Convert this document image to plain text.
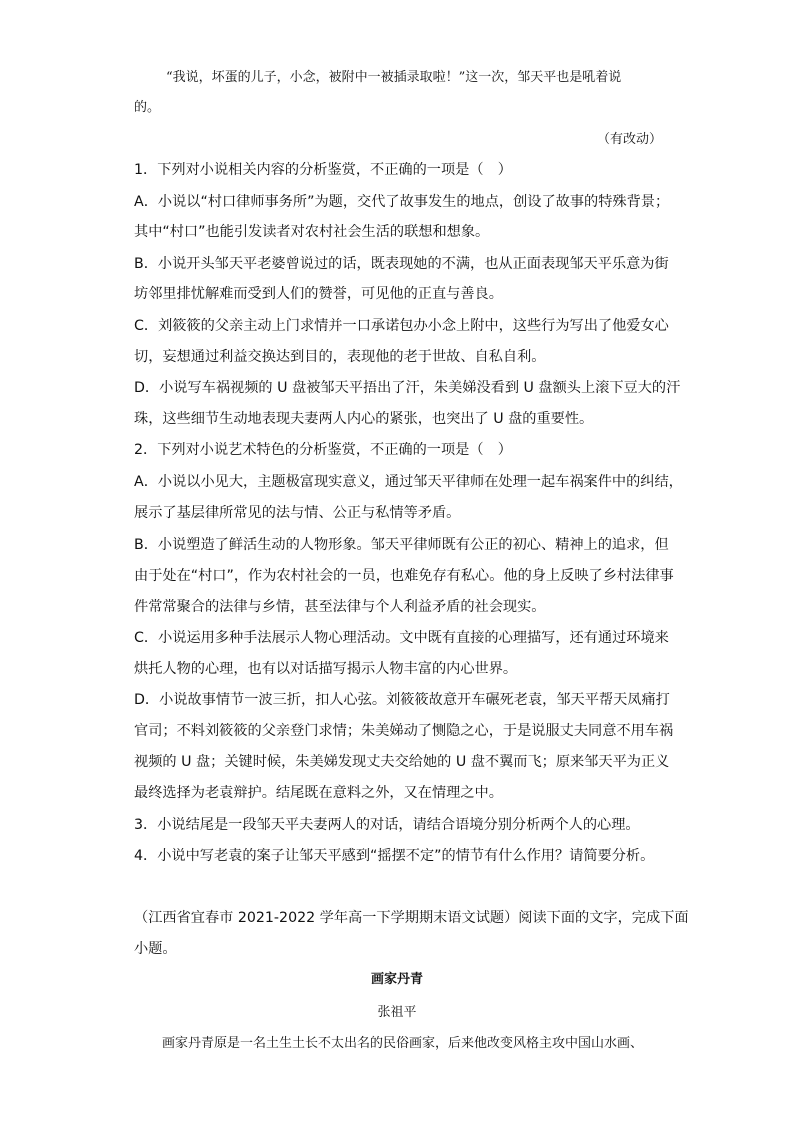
“我说，坏蛋的儿子，小念，被附中一被插录取啦！”这一次，邹天平也是吼着说
的。
（有改动）
1．下列对小说相关内容的分析鉴赏，不正确的一项是（　）
A．小说以“村口律师事务所”为题，交代了故事发生的地点，创设了故事的特殊背景；
其中“村口”也能引发读者对农村社会生活的联想和想象。
B．小说开头邹天平老婆曾说过的话，既表现她的不满，也从正面表现邹天平乐意为街
坊邻里排忧解难而受到人们的赞誉，可见他的正直与善良。
C．刘筱筱的父亲主动上门求情并一口承诺包办小念上附中，这些行为写出了他爱女心
切，妄想通过利益交换达到目的，表现他的老于世故、自私自利。
D．小说写车祸视频的 U 盘被邹天平捂出了汗，朱美娣没看到 U 盘额头上滚下豆大的汗
珠，这些细节生动地表现夫妻两人内心的紧张，也突出了 U 盘的重要性。
2．下列对小说艺术特色的分析鉴赏，不正确的一项是（　）
A．小说以小见大，主题极富现实意义，通过邹天平律师在处理一起车祸案件中的纠结，
展示了基层律所常见的法与情、公正与私情等矛盾。
B．小说塑造了鲜活生动的人物形象。邹天平律师既有公正的初心、精神上的追求，但
由于处在“村口”，作为农村社会的一员，也难免存有私心。他的身上反映了乡村法律事
件常常聚合的法律与乡情，甚至法律与个人利益矛盾的社会现实。
C．小说运用多种手法展示人物心理活动。文中既有直接的心理描写，还有通过环境来
烘托人物的心理，也有以对话描写揭示人物丰富的内心世界。
D．小说故事情节一波三折，扣人心弦。刘筱筱故意开车碾死老袁，邹天平帮天凤痛打
官司；不料刘筱筱的父亲登门求情；朱美娣动了恻隐之心，于是说服丈夫同意不用车祸
视频的 U 盘；关键时候，朱美娣发现丈夫交给她的 U 盘不翼而飞；原来邹天平为正义
最终选择为老袁辩护。结尾既在意料之外，又在情理之中。
3．小说结尾是一段邹天平夫妻两人的对话，请结合语境分别分析两个人的心理。
4．小说中写老袁的案子让邹天平感到“摇摆不定”的情节有什么作用？请简要分析。
（江西省宜春市 2021-2022 学年高一下学期期末语文试题）阅读下面的文字，完成下面
小题。
画家丹青
张祖平
画家丹青原是一名土生土长不太出名的民俗画家，后来他改变风格主攻中国山水画、
